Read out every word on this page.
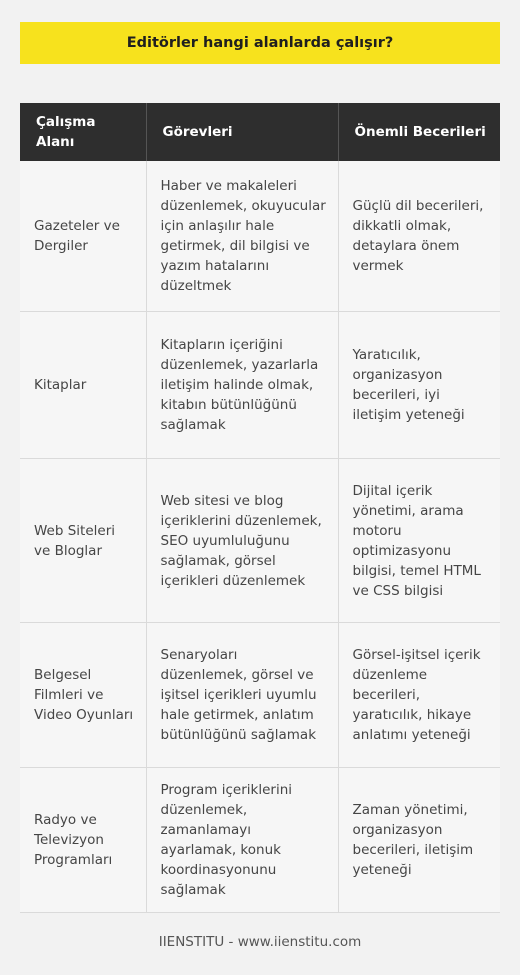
Editörler hangi alanlarda çalışır?
Çalışma Alanı	Görevleri	Önemli Becerileri
Gazeteler ve Dergiler	Haber ve makaleleri düzenlemek, okuyucular için anlaşılır hale getirmek, dil bilgisi ve yazım hatalarını düzeltmek	Güçlü dil becerileri, dikkatli olmak, detaylara önem vermek
Kitaplar	Kitapların içeriğini düzenlemek, yazarlarla iletişim halinde olmak, kitabın bütünlüğünü sağlamak	Yaratıcılık, organizasyon becerileri, iyi iletişim yeteneği
Web Siteleri ve Bloglar	Web sitesi ve blog içeriklerini düzenlemek, SEO uyumluluğunu sağlamak, görsel içerikleri düzenlemek	Dijital içerik yönetimi, arama motoru optimizasyonu bilgisi, temel HTML ve CSS bilgisi
Belgesel Filmleri ve Video Oyunları	Senaryoları düzenlemek, görsel ve işitsel içerikleri uyumlu hale getirmek, anlatım bütünlüğünü sağlamak	Görsel-işitsel içerik düzenleme becerileri, yaratıcılık, hikaye anlatımı yeteneği
Radyo ve Televizyon Programları	Program içeriklerini düzenlemek, zamanlamayı ayarlamak, konuk koordinasyonunu sağlamak	Zaman yönetimi, organizasyon becerileri, iletişim yeteneği
IIENSTITU - www.iienstitu.com
